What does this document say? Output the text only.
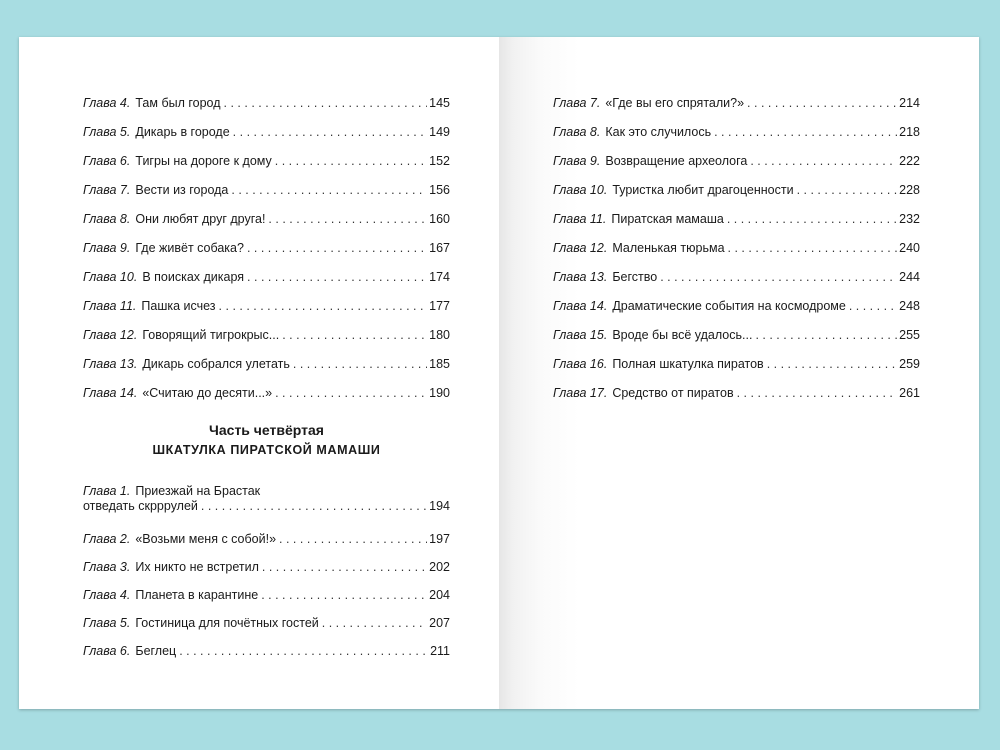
Глава 4. Там был город . . .	145
Глава 5. Дикарь в городе . . .	149
Глава 6. Тигры на дороге к дому . . .	152
Глава 7. Вести из города . . .	156
Глава 8. Они любят друг друга! . . .	160
Глава 9. Где живёт собака? . . .	167
Глава 10. В поисках дикаря . . .	174
Глава 11. Пашка исчез . . .	177
Глава 12. Говорящий тигрокрыс... . . .	180
Глава 13. Дикарь собрался улетать . . .	185
Глава 14. «Считаю до десяти...» . . .	190
Часть четвёртая
ШКАТУЛКА ПИРАТСКОЙ МАМАШИ
Глава 1. Приезжай на Брастак
отведать скрррулей . . .	194
Глава 2. «Возьми меня с собой!» . . .	197
Глава 3. Их никто не встретил . . .	202
Глава 4. Планета в карантине . . .	204
Глава 5. Гостиница для почётных гостей . . .	207
Глава 6. Беглец . . .	211
Глава 7. «Где вы его спрятали?» . . .	214
Глава 8. Как это случилось . . .	218
Глава 9. Возвращение археолога . . .	222
Глава 10. Туристка любит драгоценности . . .	228
Глава 11. Пиратская мамаша . . .	232
Глава 12. Маленькая тюрьма . . .	240
Глава 13. Бегство . . .	244
Глава 14. Драматические события на космодроме . . .	248
Глава 15. Вроде бы всё удалось... . . .	255
Глава 16. Полная шкатулка пиратов . . .	259
Глава 17. Средство от пиратов . . .	261
